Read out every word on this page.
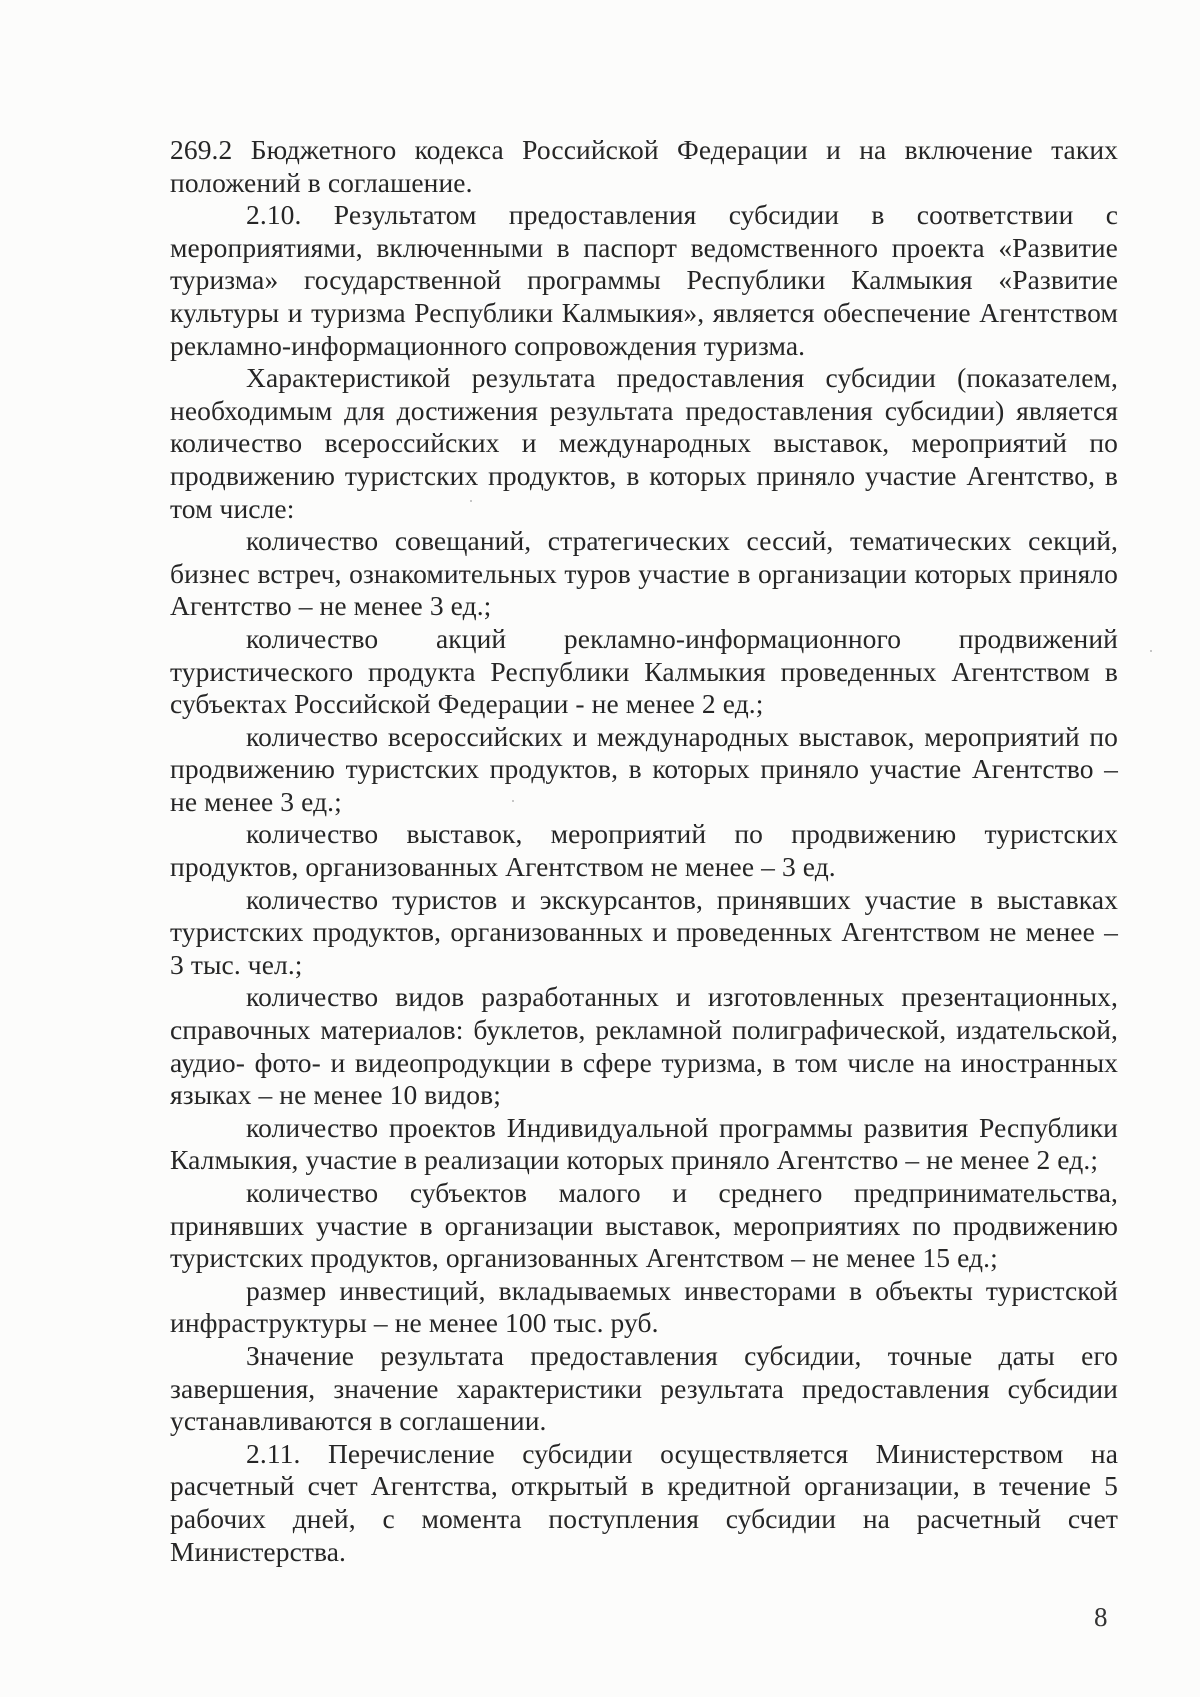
269.2 Бюджетного кодекса Российской Федерации и на включение таких положений в соглашение.

2.10. Результатом предоставления субсидии в соответствии с мероприятиями, включенными в паспорт ведомственного проекта «Развитие туризма» государственной программы Республики Калмыкия «Развитие культуры и туризма Республики Калмыкия», является обеспечение Агентством рекламно-информационного сопровождения туризма.

Характеристикой результата предоставления субсидии (показателем, необходимым для достижения результата предоставления субсидии) является количество всероссийских и международных выставок, мероприятий по продвижению туристских продуктов, в которых приняло участие Агентство, в том числе:

количество совещаний, стратегических сессий, тематических секций, бизнес встреч, ознакомительных туров участие в организации которых приняло Агентство – не менее 3 ед.;

количество акций рекламно-информационного продвижений туристического продукта Республики Калмыкия проведенных Агентством в субъектах Российской Федерации - не менее 2 ед.;

количество всероссийских и международных выставок, мероприятий по продвижению туристских продуктов, в которых приняло участие Агентство – не менее 3 ед.;

количество выставок, мероприятий по продвижению туристских продуктов, организованных Агентством не менее – 3 ед.

количество туристов и экскурсантов, принявших участие в выставках туристских продуктов, организованных и проведенных Агентством не менее – 3 тыс. чел.;

количество видов разработанных и изготовленных презентационных, справочных материалов: буклетов, рекламной полиграфической, издательской, аудио- фото- и видеопродукции в сфере туризма, в том числе на иностранных языках – не менее 10 видов;

количество проектов Индивидуальной программы развития Республики Калмыкия, участие в реализации которых приняло Агентство – не менее 2 ед.;

количество субъектов малого и среднего предпринимательства, принявших участие в организации выставок, мероприятиях по продвижению туристских продуктов, организованных Агентством – не менее 15 ед.;

размер инвестиций, вкладываемых инвесторами в объекты туристской инфраструктуры – не менее 100 тыс. руб.

Значение результата предоставления субсидии, точные даты его завершения, значение характеристики результата предоставления субсидии устанавливаются в соглашении.

2.11. Перечисление субсидии осуществляется Министерством на расчетный счет Агентства, открытый в кредитной организации, в течение 5 рабочих дней, с момента поступления субсидии на расчетный счет Министерства.

8
